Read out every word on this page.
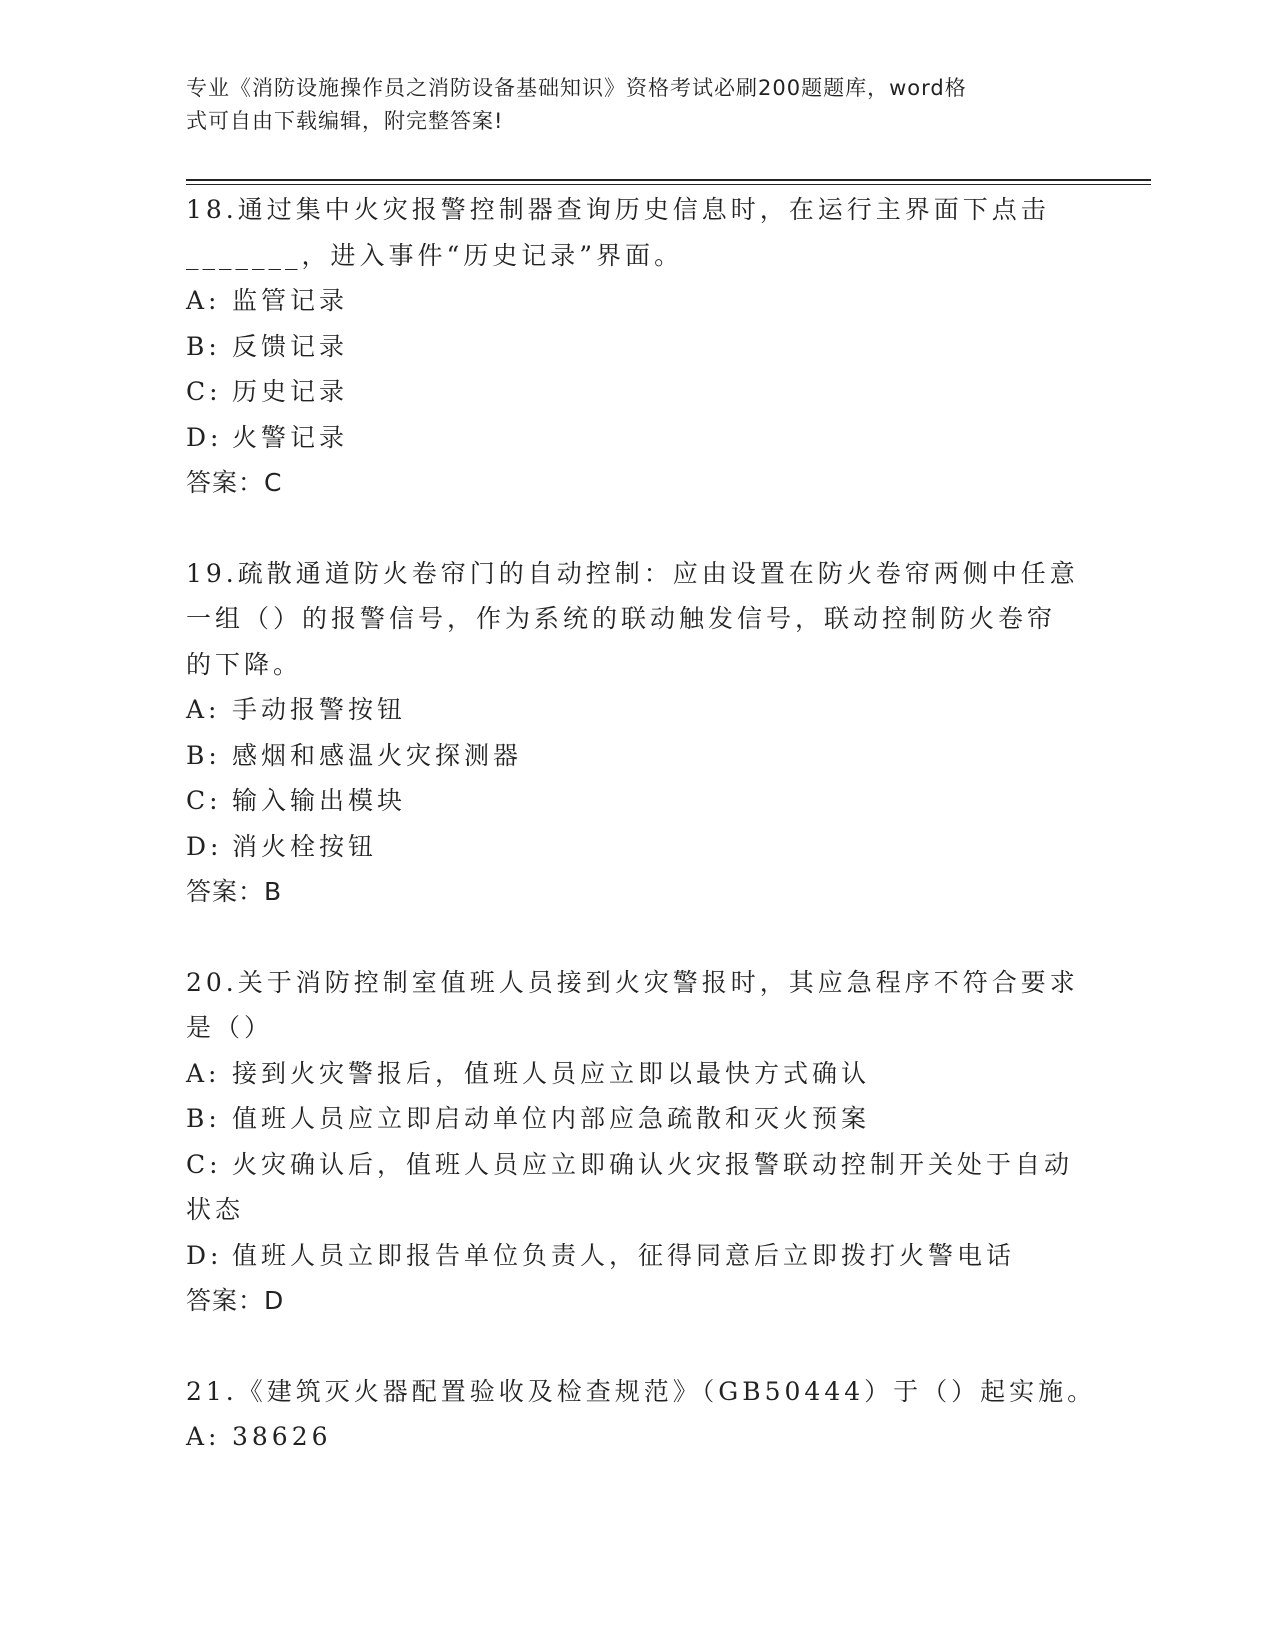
专业《消防设施操作员之消防设备基础知识》资格考试必刷200题题库，word格
式可自由下载编辑，附完整答案!
18.通过集中火灾报警控制器查询历史信息时，在运行主界面下点击
_______，进入事件“历史记录”界面。
A: 监管记录
B: 反馈记录
C: 历史记录
D: 火警记录
答案：C
19.疏散通道防火卷帘门的自动控制：应由设置在防火卷帘两侧中任意
一组（）的报警信号，作为系统的联动触发信号，联动控制防火卷帘
的下降。
A: 手动报警按钮
B: 感烟和感温火灾探测器
C: 输入输出模块
D: 消火栓按钮
答案：B
20.关于消防控制室值班人员接到火灾警报时，其应急程序不符合要求
是（）
A: 接到火灾警报后，值班人员应立即以最快方式确认
B: 值班人员应立即启动单位内部应急疏散和灭火预案
C: 火灾确认后，值班人员应立即确认火灾报警联动控制开关处于自动
状态
D: 值班人员立即报告单位负责人，征得同意后立即拨打火警电话
答案：D
21.《建筑灭火器配置验收及检查规范》（GB50444）于（）起实施。
A: 38626
